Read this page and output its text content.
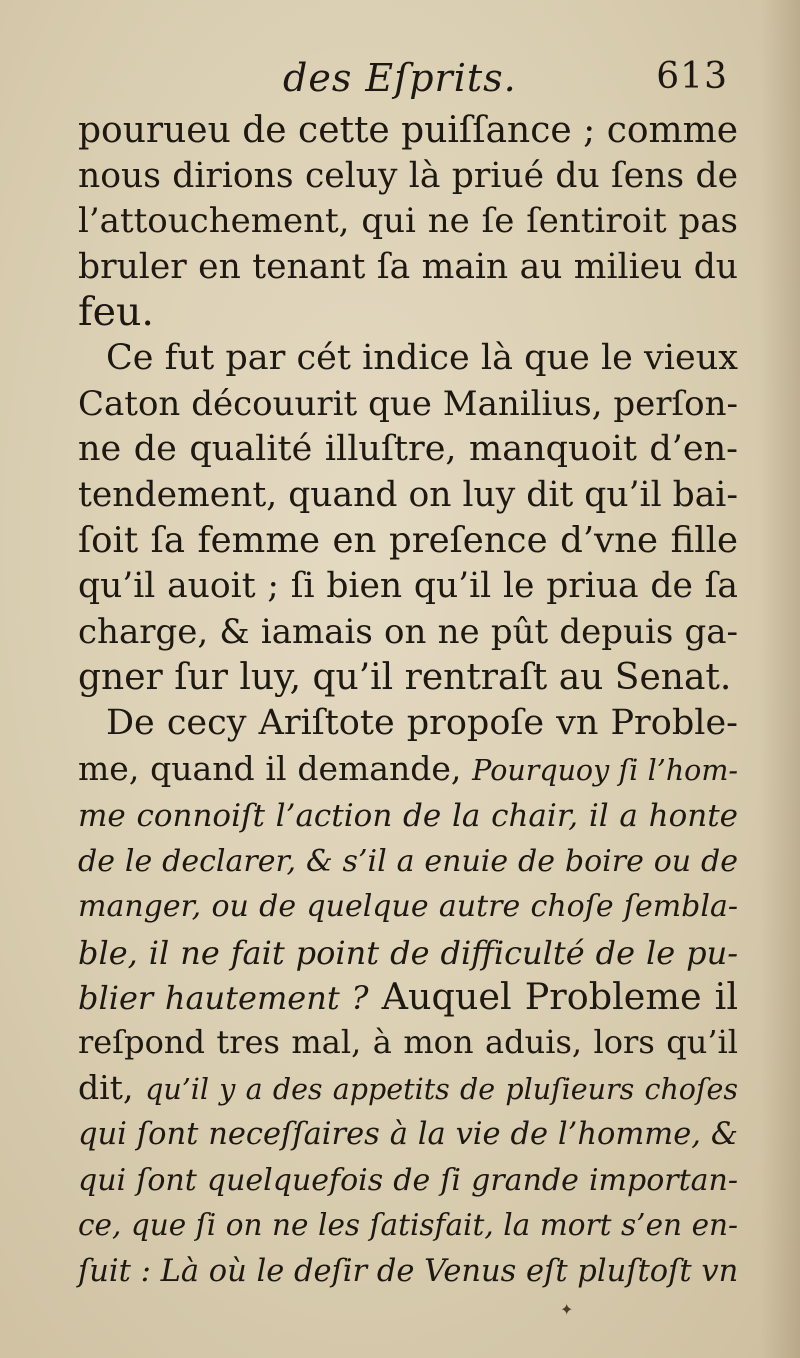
des Eſprits.	613
pourueu de cette puiſſance ; comme
nous dirions celuy là priué du ſens de
l’attouchement, qui ne ſe ſentiroit pas
bruler en tenant ſa main au milieu du
feu.
Ce fut par cét indice là que le vieux
Caton découurit que Manilius, perſon-
ne de qualité illuſtre, manquoit d’en-
tendement, quand on luy dit qu’il bai-
ſoit ſa femme en preſence d’vne fille
qu’il auoit ; ſi bien qu’il le priua de ſa
charge, & iamais on ne pût depuis ga-
gner ſur luy, qu’il rentraſt au Senat.
De cecy Ariſtote propoſe vn Proble-
me, quand il demande, Pourquoy ſi l’hom-
me connoiſt l’action de la chair, il a honte
de le declarer, & s’il a enuie de boire ou de
manger, ou de quelque autre choſe ſembla-
ble, il ne fait point de difficulté de le pu-
blier hautement ? Auquel Probleme il
reſpond tres mal, à mon aduis, lors qu’il
dit, qu’il y a des appetits de pluſieurs choſes
qui ſont neceſſaires à la vie de l’homme, &
qui ſont quelquefois de ſi grande importan-
ce, que ſi on ne les ſatisfait, la mort s’en en-
ſuit : Là où le deſir de Venus eſt pluſtoſt vn
✦
